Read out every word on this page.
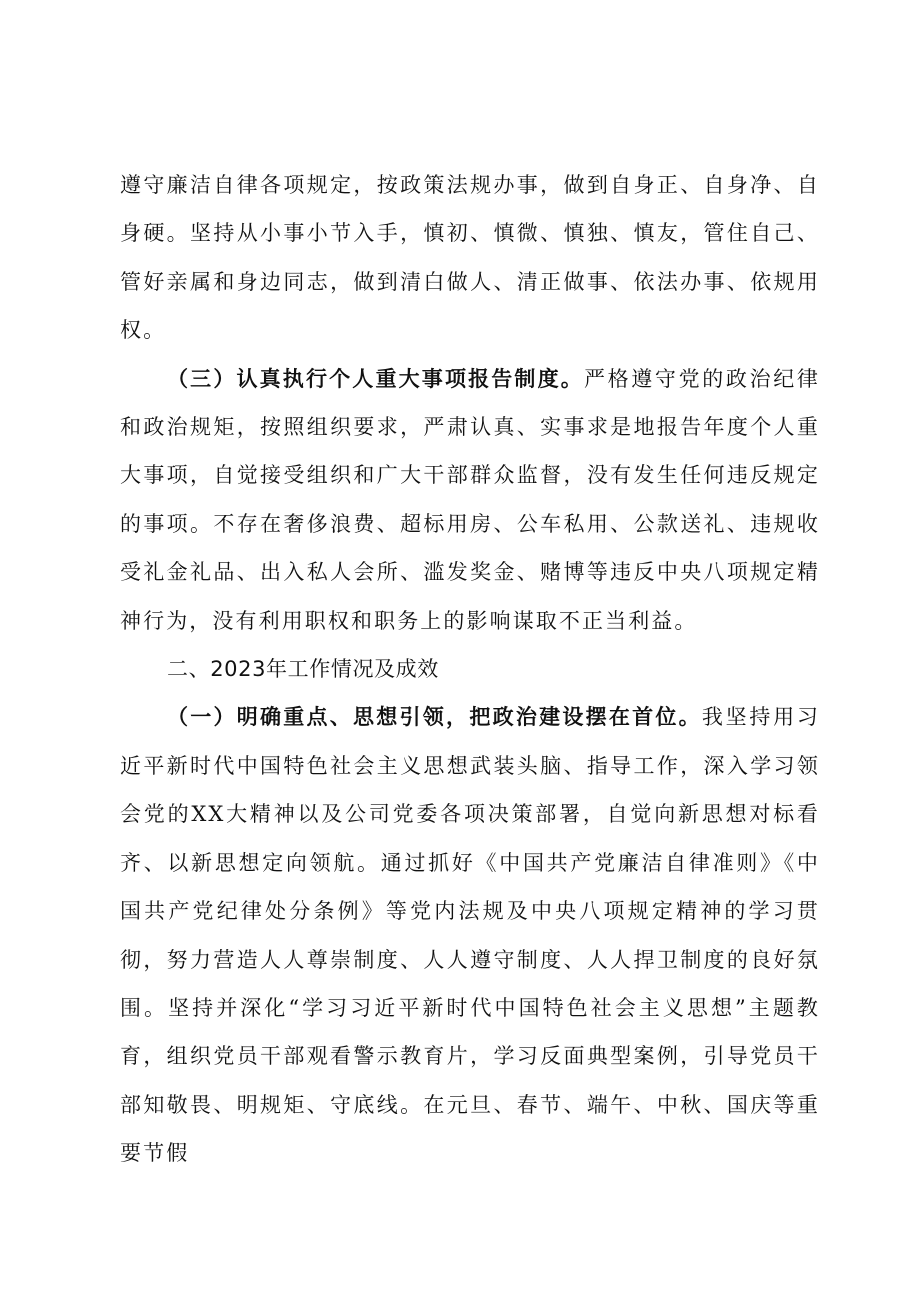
遵守廉洁自律各项规定，按政策法规办事，做到自身正、自身净、自身硬。坚持从小事小节入手，慎初、慎微、慎独、慎友，管住自己、管好亲属和身边同志，做到清白做人、清正做事、依法办事、依规用权。

（三）认真执行个人重大事项报告制度。严格遵守党的政治纪律和政治规矩，按照组织要求，严肃认真、实事求是地报告年度个人重大事项，自觉接受组织和广大干部群众监督，没有发生任何违反规定的事项。不存在奢侈浪费、超标用房、公车私用、公款送礼、违规收受礼金礼品、出入私人会所、滥发奖金、赌博等违反中央八项规定精神行为，没有利用职权和职务上的影响谋取不正当利益。

二、2023年工作情况及成效

（一）明确重点、思想引领，把政治建设摆在首位。我坚持用习近平新时代中国特色社会主义思想武装头脑、指导工作，深入学习领会党的XX大精神以及公司党委各项决策部署，自觉向新思想对标看齐、以新思想定向领航。通过抓好《中国共产党廉洁自律准则》《中国共产党纪律处分条例》等党内法规及中央八项规定精神的学习贯彻，努力营造人人尊崇制度、人人遵守制度、人人捍卫制度的良好氛围。坚持并深化“学习习近平新时代中国特色社会主义思想”主题教育，组织党员干部观看警示教育片，学习反面典型案例，引导党员干部知敬畏、明规矩、守底线。在元旦、春节、端午、中秋、国庆等重要节假
